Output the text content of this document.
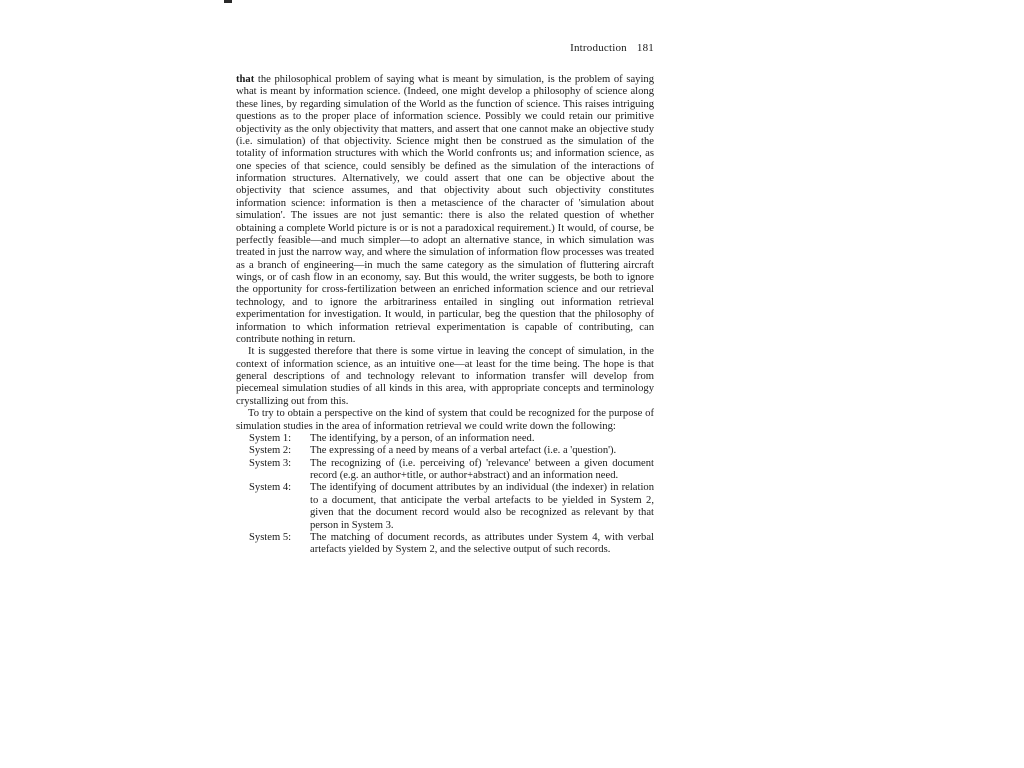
Introduction 181

that the philosophical problem of saying what is meant by simulation, is the problem of saying what is meant by information science. (Indeed, one might develop a philosophy of science along these lines, by regarding simulation of the World as the function of science. This raises intriguing questions as to the proper place of information science. Possibly we could retain our primitive objectivity as the only objectivity that matters, and assert that one cannot make an objective study (i.e. simulation) of that objectivity. Science might then be construed as the simulation of the totality of information structures with which the World confronts us; and information science, as one species of that science, could sensibly be defined as the simulation of the interactions of information structures. Alternatively, we could assert that one can be objective about the objectivity that science assumes, and that objectivity about such objectivity constitutes information science: information is then a metascience of the character of 'simulation about simulation'. The issues are not just semantic: there is also the related question of whether obtaining a complete World picture is or is not a paradoxical requirement.) It would, of course, be perfectly feasible—and much simpler—to adopt an alternative stance, in which simulation was treated in just the narrow way, and where the simulation of information flow processes was treated as a branch of engineering—in much the same category as the simulation of fluttering aircraft wings, or of cash flow in an economy, say. But this would, the writer suggests, be both to ignore the opportunity for cross-fertilization between an enriched information science and our retrieval technology, and to ignore the arbitrariness entailed in singling out information retrieval experimentation for investigation. It would, in particular, beg the question that the philosophy of information to which information retrieval experimentation is capable of contributing, can contribute nothing in return.

It is suggested therefore that there is some virtue in leaving the concept of simulation, in the context of information science, as an intuitive one—at least for the time being. The hope is that general descriptions of and technology relevant to information transfer will develop from piecemeal simulation studies of all kinds in this area, with appropriate concepts and terminology crystallizing out from this.

To try to obtain a perspective on the kind of system that could be recognized for the purpose of simulation studies in the area of information retrieval we could write down the following:

System 1:	The identifying, by a person, of an information need.
System 2:	The expressing of a need by means of a verbal artefact (i.e. a 'question').
System 3:	The recognizing of (i.e. perceiving of) 'relevance' between a given document record (e.g. an author+title, or author+abstract) and an information need.
System 4:	The identifying of document attributes by an individual (the indexer) in relation to a document, that anticipate the verbal artefacts to be yielded in System 2, given that the document record would also be recognized as relevant by that person in System 3.
System 5:	The matching of document records, as attributes under System 4, with verbal artefacts yielded by System 2, and the selective output of such records.
